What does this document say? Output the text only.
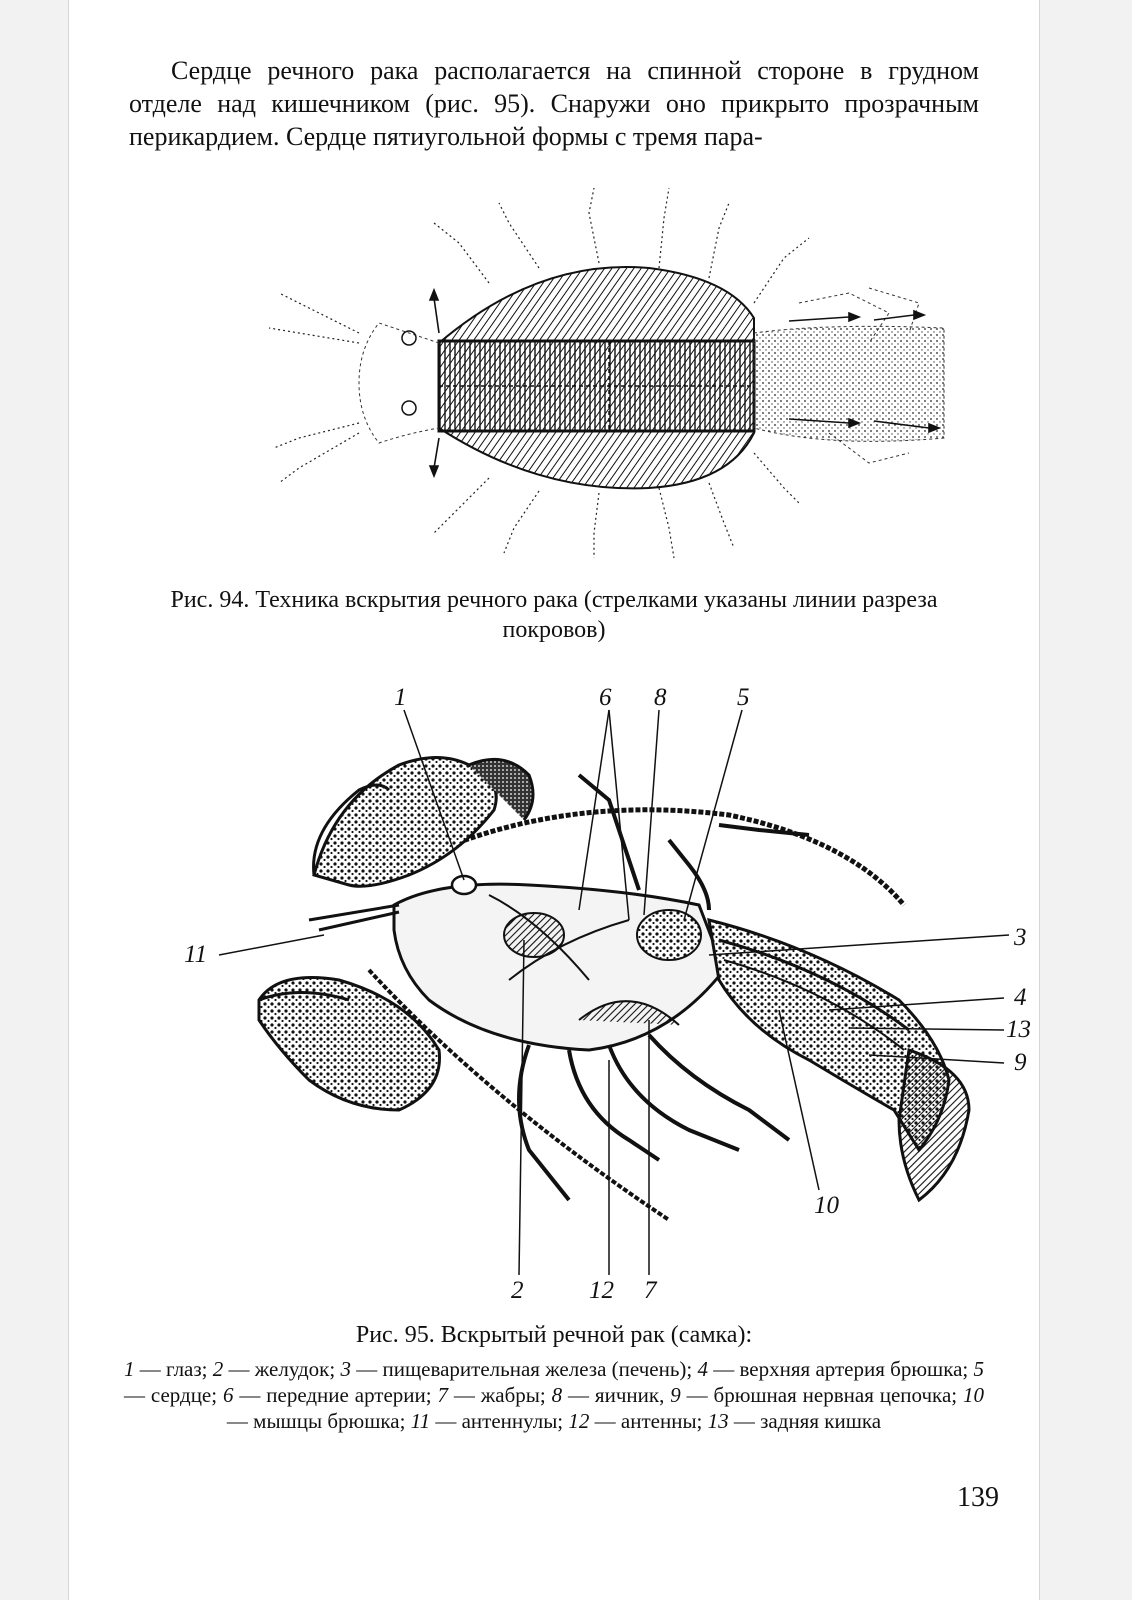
Сердце речного рака располагается на спинной стороне в грудном отделе над кишечником (рис. 95). Снаружи оно прикрыто прозрачным перикардием. Сердце пятиугольной формы с тремя пара-

Рис. 94. Техника вскрытия речного рака (стрелками указаны линии разреза покровов)

1	6 8	5
3
4
13
9
11
10
2	12 7

Рис. 95. Вскрытый речной рак (самка):

1 — глаз; 2 — желудок; 3 — пищеварительная железа (печень); 4 — верхняя артерия брюшка; 5 — сердце; 6 — передние артерии; 7 — жабры; 8 — яичник, 9 — брюшная нервная цепочка; 10 — мышцы брюшка; 11 — антеннулы; 12 — антенны; 13 — задняя кишка

139
